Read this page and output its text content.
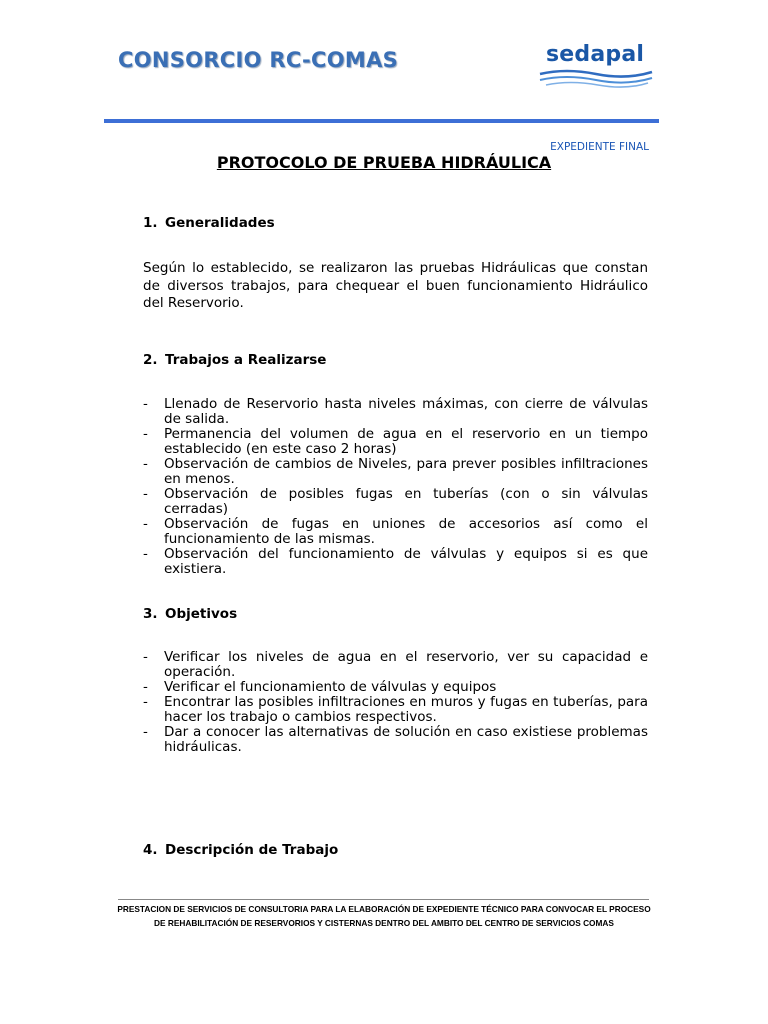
CONSORCIO RC-COMAS	sedapal
EXPEDIENTE FINAL
PROTOCOLO DE PRUEBA HIDRÁULICA
1. Generalidades
Según lo establecido, se realizaron las pruebas Hidráulicas que constan de diversos trabajos, para chequear el buen funcionamiento Hidráulico del Reservorio.
2. Trabajos a Realizarse
- Llenado de Reservorio hasta niveles máximas, con cierre de válvulas de salida.
- Permanencia del volumen de agua en el reservorio en un tiempo establecido (en este caso 2 horas)
- Observación de cambios de Niveles, para prever posibles infiltraciones en menos.
- Observación de posibles fugas en tuberías (con o sin válvulas cerradas)
- Observación de fugas en uniones de accesorios así como el funcionamiento de las mismas.
- Observación del funcionamiento de válvulas y equipos si es que existiera.
3. Objetivos
- Verificar los niveles de agua en el reservorio, ver su capacidad e operación.
- Verificar el funcionamiento de válvulas y equipos
- Encontrar las posibles infiltraciones en muros y fugas en tuberías, para hacer los trabajo o cambios respectivos.
- Dar a conocer las alternativas de solución en caso existiese problemas hidráulicas.
4. Descripción de Trabajo
PRESTACION DE SERVICIOS DE CONSULTORIA PARA LA ELABORACIÓN DE EXPEDIENTE TÉCNICO PARA CONVOCAR EL PROCESO
DE REHABILITACIÓN DE RESERVORIOS Y CISTERNAS DENTRO DEL AMBITO DEL CENTRO DE SERVICIOS COMAS
